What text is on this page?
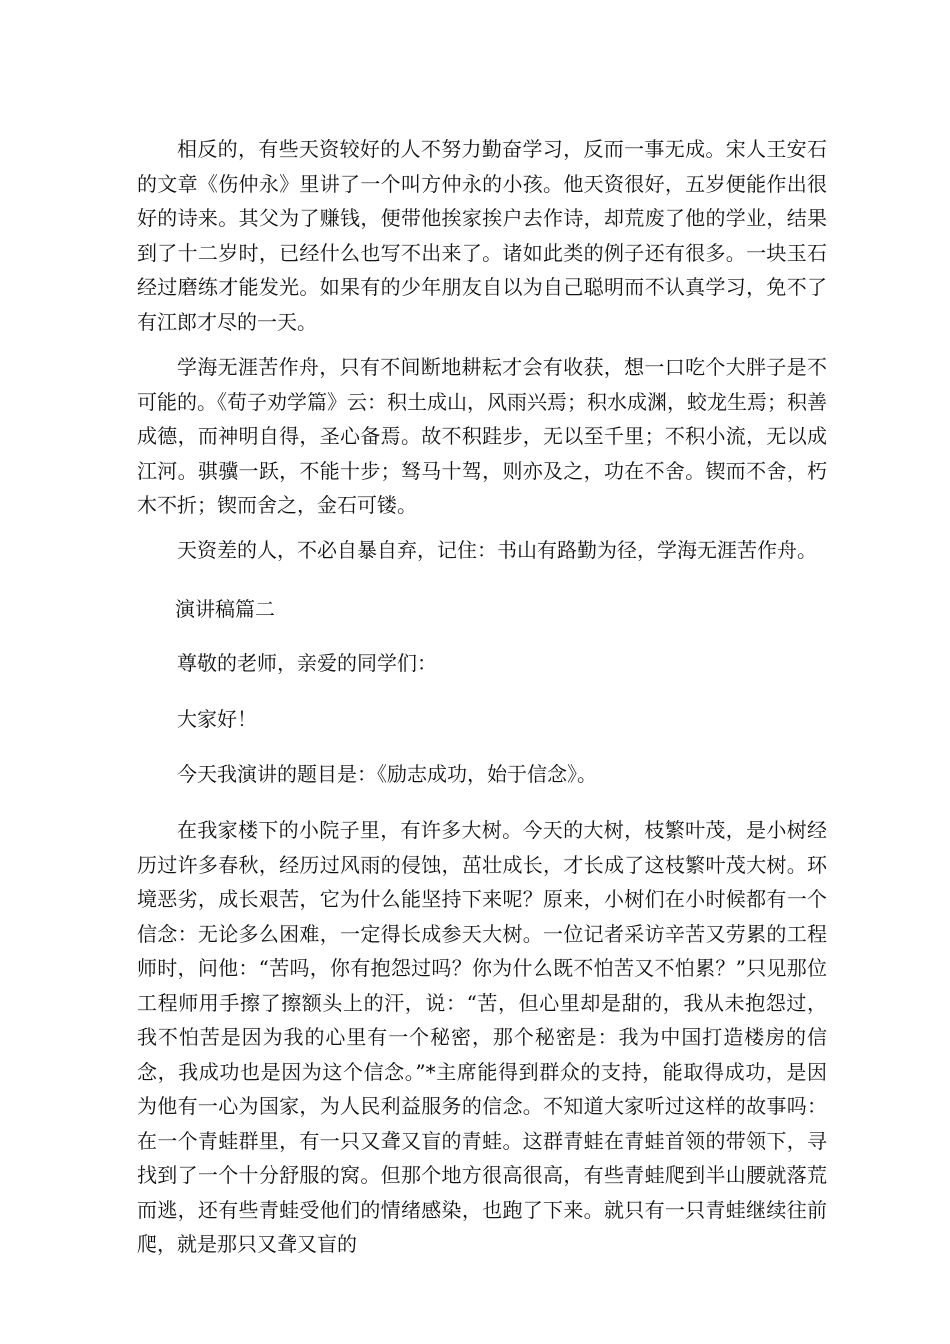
相反的，有些天资较好的人不努力勤奋学习，反而一事无成。宋人王安石的文章《伤仲永》里讲了一个叫方仲永的小孩。他天资很好，五岁便能作出很好的诗来。其父为了赚钱，便带他挨家挨户去作诗，却荒废了他的学业，结果到了十二岁时，已经什么也写不出来了。诸如此类的例子还有很多。一块玉石经过磨练才能发光。如果有的少年朋友自以为自己聪明而不认真学习，免不了有江郎才尽的一天。

学海无涯苦作舟，只有不间断地耕耘才会有收获，想一口吃个大胖子是不可能的。《荀子劝学篇》云：积土成山，风雨兴焉；积水成渊，蛟龙生焉；积善成德，而神明自得，圣心备焉。故不积跬步，无以至千里；不积小流，无以成江河。骐骥一跃，不能十步；驽马十驾，则亦及之，功在不舍。锲而不舍，朽木不折；锲而舍之，金石可镂。

天资差的人，不必自暴自弃，记住：书山有路勤为径，学海无涯苦作舟。

演讲稿篇二

尊敬的老师，亲爱的同学们：

大家好！

今天我演讲的题目是：《励志成功，始于信念》。

在我家楼下的小院子里，有许多大树。今天的大树，枝繁叶茂，是小树经历过许多春秋，经历过风雨的侵蚀，茁壮成长，才长成了这枝繁叶茂大树。环境恶劣，成长艰苦，它为什么能坚持下来呢？原来，小树们在小时候都有一个信念：无论多么困难，一定得长成参天大树。一位记者采访辛苦又劳累的工程师时，问他：“苦吗，你有抱怨过吗？你为什么既不怕苦又不怕累？”只见那位工程师用手擦了擦额头上的汗，说：“苦，但心里却是甜的，我从未抱怨过，我不怕苦是因为我的心里有一个秘密，那个秘密是：我为中国打造楼房的信念，我成功也是因为这个信念。”*主席能得到群众的支持，能取得成功，是因为他有一心为国家，为人民利益服务的信念。不知道大家听过这样的故事吗：在一个青蛙群里，有一只又聋又盲的青蛙。这群青蛙在青蛙首领的带领下，寻找到了一个十分舒服的窝。但那个地方很高很高，有些青蛙爬到半山腰就落荒而逃，还有些青蛙受他们的情绪感染，也跑了下来。就只有一只青蛙继续往前爬，就是那只又聋又盲的
